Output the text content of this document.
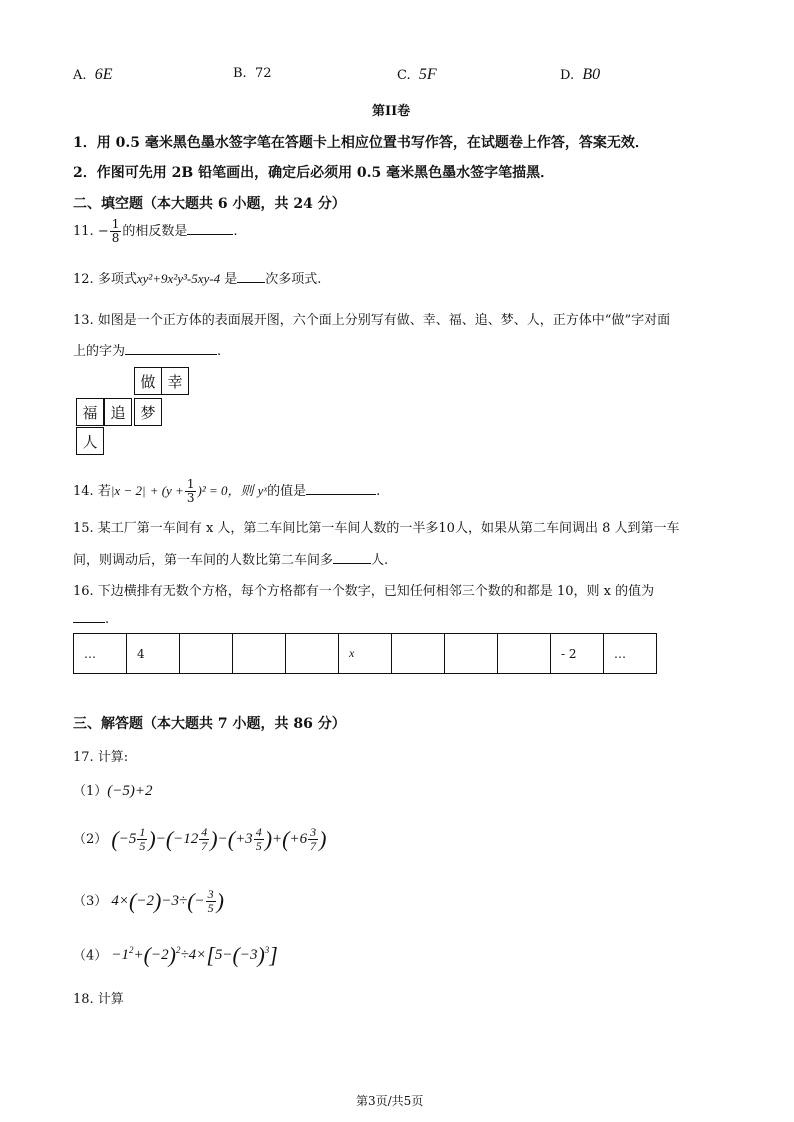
A. 6E	B. 72	C. 5F	D. B0
第II卷
1．用 0.5 毫米黑色墨水签字笔在答题卡上相应位置书写作答，在试题卷上作答，答案无效．
2．作图可先用 2B 铅笔画出，确定后必须用 0.5 毫米黑色墨水签字笔描黑．
二、填空题（本大题共 6 小题，共 24 分）
11. − $\frac{1}{8}$ 的相反数是	.
12. 多项式xy²+9x²y³-5xy-4 是 次多项式.
13. 如图是一个正方体的表面展开图，六个面上分别写有做、幸、福、追、梦、人，正方体中“做”字对面
上的字为	.
做 幸
福 追 梦
人
14. 若$|x - 2| + (y + \frac{1}{3} )^2 = 0$，则 yˣ的值是	.
15. 某工厂第一车间有 x 人，第二车间比第一车间人数的一半多10人，如果从第二车间调出 8 人到第一车
间，则调动后，第一车间的人数比第二车间多	人.
16. 下边横排有无数个方格，每个方格都有一个数字，已知任何相邻三个数的和都是 10，则 x 的值为
.
…	4				x				- 2	…
三、解答题（本大题共 7 小题，共 86 分）
17. 计算:
（1）(−5)+2
（2） $(-5 \frac{1}{5} )-(-12 \frac{4}{7} )-(+3 \frac{4}{5} )+(+6 \frac{3}{7}$ )
（3） $4\times(-2)-3\div(- \frac{3}{5}$ )
$(4) -1^2+(-2)^2\div 4\times[5-(-3)^3]$
18. 计算
第3页/共5页
